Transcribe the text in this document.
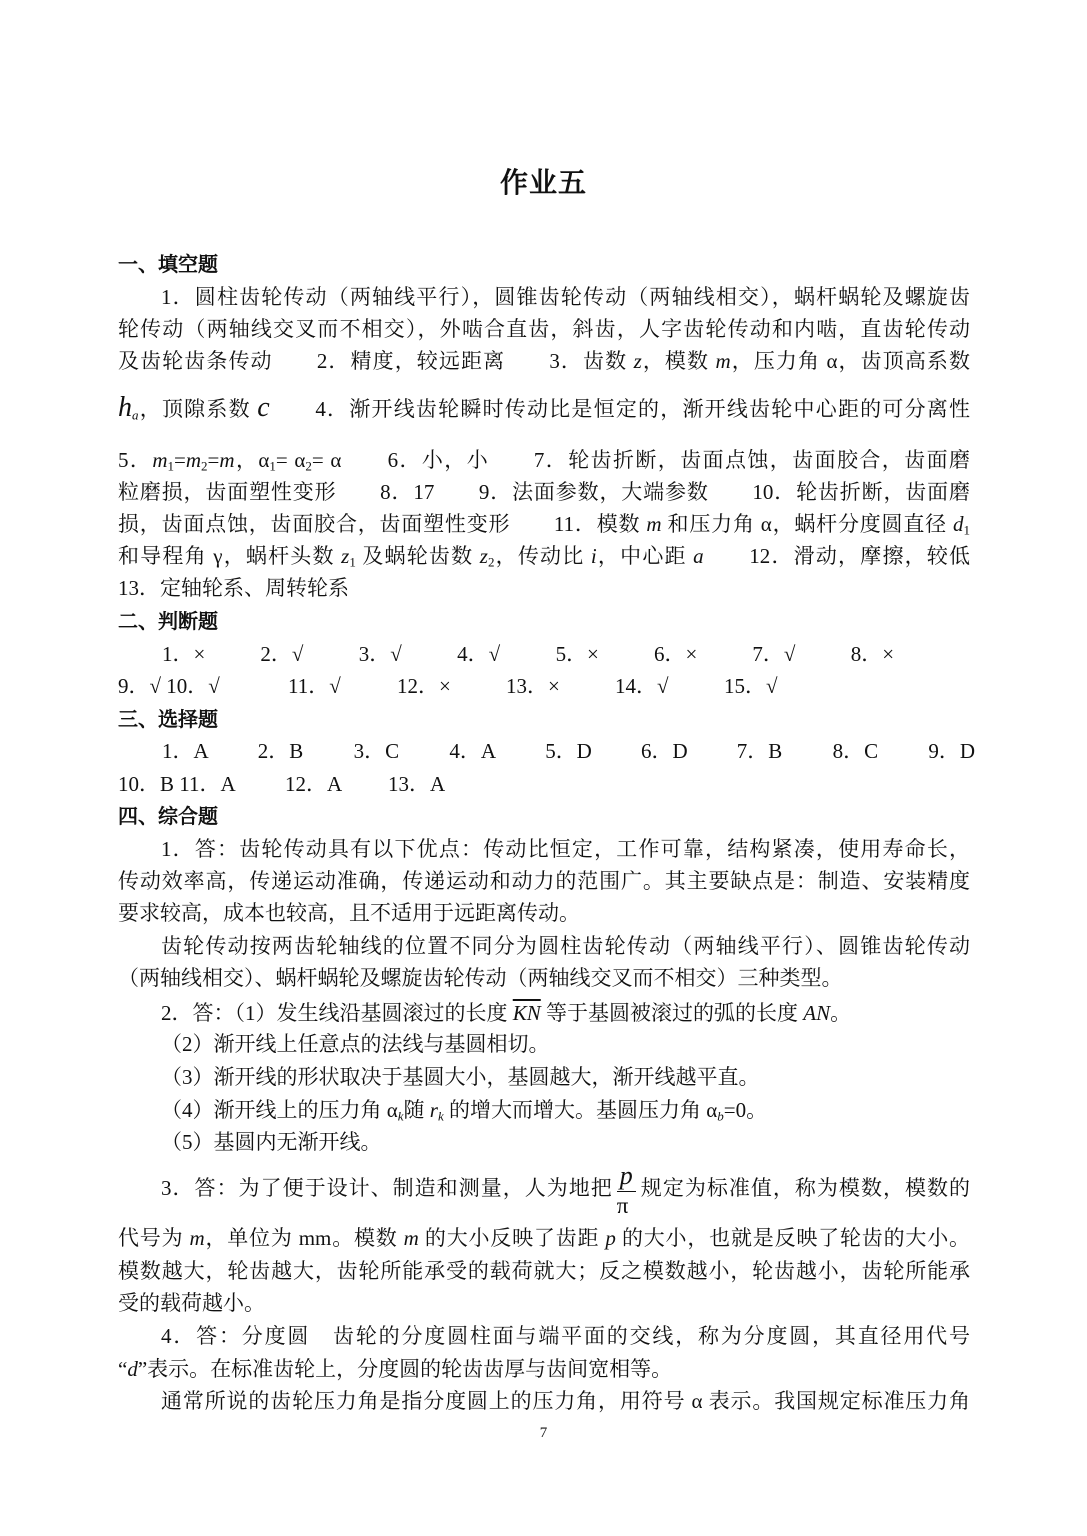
作业五
一、填空题
1．圆柱齿轮传动（两轴线平行），圆锥齿轮传动（两轴线相交），蜗杆蜗轮及螺旋齿
轮传动（两轴线交叉而不相交），外啮合直齿，斜齿，人字齿轮传动和内啮，直齿轮传动
及齿轮齿条传动　　2．精度，较远距离　　3．齿数 z，模数 m，压力角 α，齿顶高系数
$h_a$，顶隙系数 c　　4．渐开线齿轮瞬时传动比是恒定的，渐开线齿轮中心距的可分离性
5．$m_1=m_2=m$，$\alpha_1= \alpha_2= \alpha$　　6．小，小　　7．轮齿折断，齿面点蚀，齿面胶合，齿面磨
粒磨损，齿面塑性变形　　8．17　　9．法面参数，大端参数　　10．轮齿折断，齿面磨
损，齿面点蚀，齿面胶合，齿面塑性变形　　11．模数 m 和压力角 α，蜗杆分度圆直径 $d_1$
和导程角 γ，蜗杆头数 $z_1$ 及蜗轮齿数 $z_2$，传动比 i，中心距 a　　12．滑动，摩擦，较低
13．定轴轮系、周转轮系
二、判断题
1．×	2．√	3．√	4．√	5．×	6．×	7．√	8．×
9．√ 10．√	11．√	12．×	13．×	14．√	15．√
三、选择题
1．A 2．B 3．C 4．A 5．D 6．D 7．B 8．C 9．D
10．B 11．A 12．A 13．A
四、综合题
1．答：齿轮传动具有以下优点：传动比恒定，工作可靠，结构紧凑，使用寿命长，
传动效率高，传递运动准确，传递运动和动力的范围广。其主要缺点是：制造、安装精度
要求较高，成本也较高，且不适用于远距离传动。
齿轮传动按两齿轮轴线的位置不同分为圆柱齿轮传动（两轴线平行）、圆锥齿轮传动
（两轴线相交）、蜗杆蜗轮及螺旋齿轮传动（两轴线交叉而不相交）三种类型。
2．答：（1）发生线沿基圆滚过的长度 $\overline{KN}$ 等于基圆被滚过的弧的长度 AN。
（2）渐开线上任意点的法线与基圆相切。
（3）渐开线的形状取决于基圆大小，基圆越大，渐开线越平直。
（4）渐开线上的压力角 $\alpha_k$随 $r_k$ 的增大而增大。基圆压力角 $\alpha_b=0$。
（5）基圆内无渐开线。
3．答：为了便于设计、制造和测量，人为地把 $\frac{p}{\pi}$ 规定为标准值，称为模数，模数的
代号为 m，单位为 mm。模数 m 的大小反映了齿距 p 的大小，也就是反映了轮齿的大小。
模数越大，轮齿越大，齿轮所能承受的载荷就大；反之模数越小，轮齿越小，齿轮所能承
受的载荷越小。
4．答：分度圆　齿轮的分度圆柱面与端平面的交线，称为分度圆，其直径用代号
“d”表示。在标准齿轮上，分度圆的轮齿齿厚与齿间宽相等。
通常所说的齿轮压力角是指分度圆上的压力角，用符号 α 表示。我国规定标准压力角
7
